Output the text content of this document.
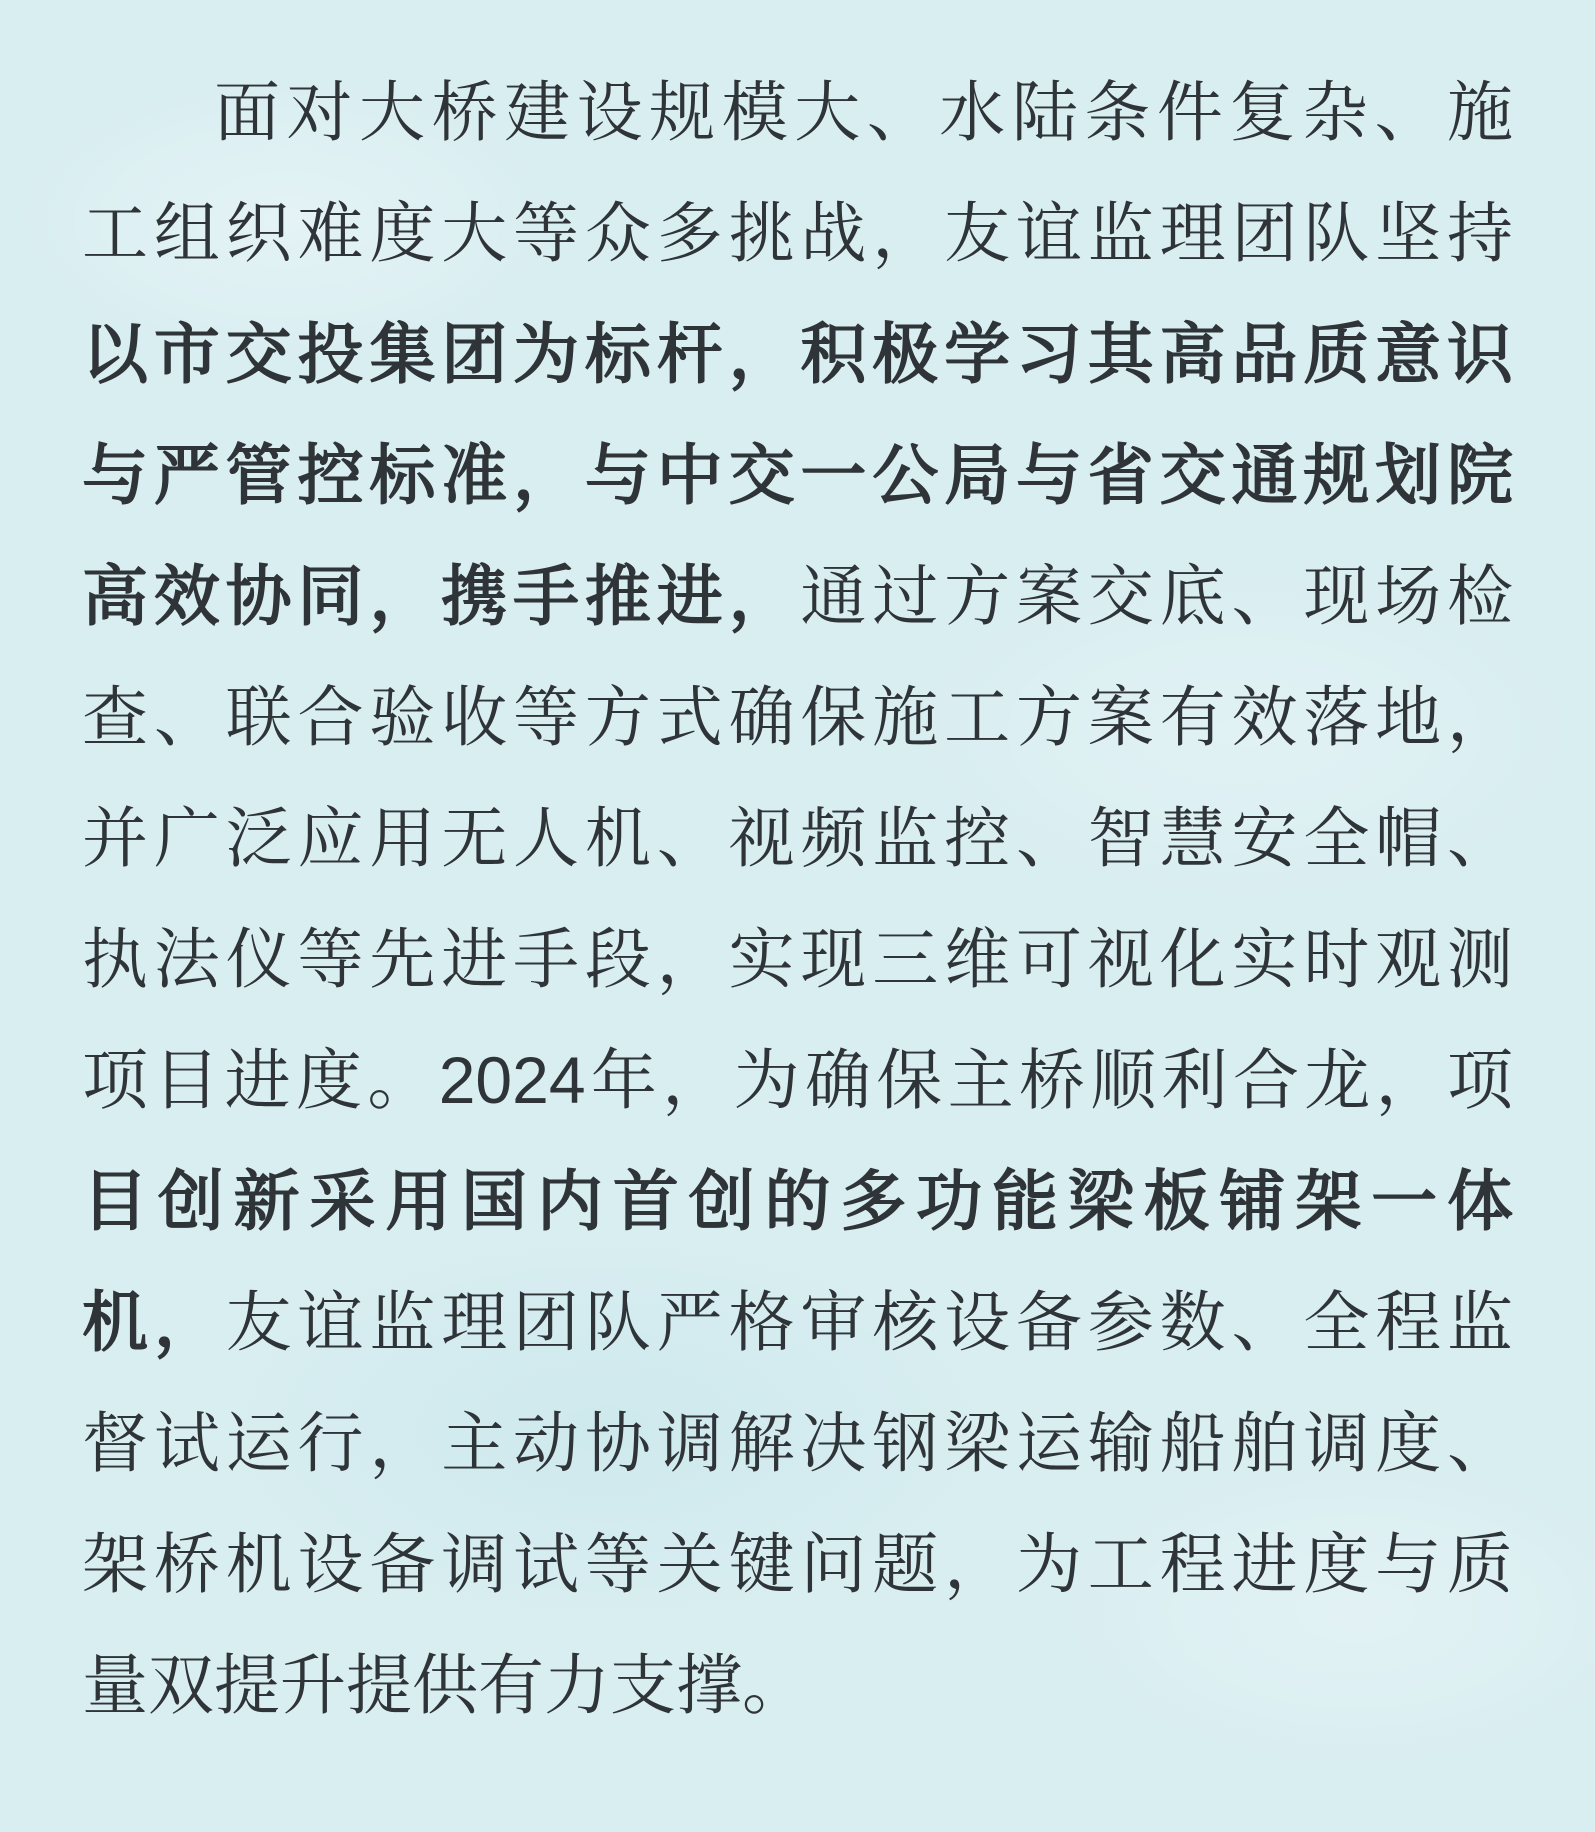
面对大桥建设规模大、水陆条件复杂、施
工组织难度大等众多挑战，友谊监理团队坚持
以市交投集团为标杆，积极学习其高品质意识
与严管控标准，与中交一公局与省交通规划院
高效协同，携手推进，通过方案交底、现场检
查、联合验收等方式确保施工方案有效落地，
并广泛应用无人机、视频监控、智慧安全帽、
执法仪等先进手段，实现三维可视化实时观测
项目进度。2024年，为确保主桥顺利合龙，项
目创新采用国内首创的多功能梁板铺架一体
机，友谊监理团队严格审核设备参数、全程监
督试运行，主动协调解决钢梁运输船舶调度、
架桥机设备调试等关键问题，为工程进度与质
量双提升提供有力支撑。
